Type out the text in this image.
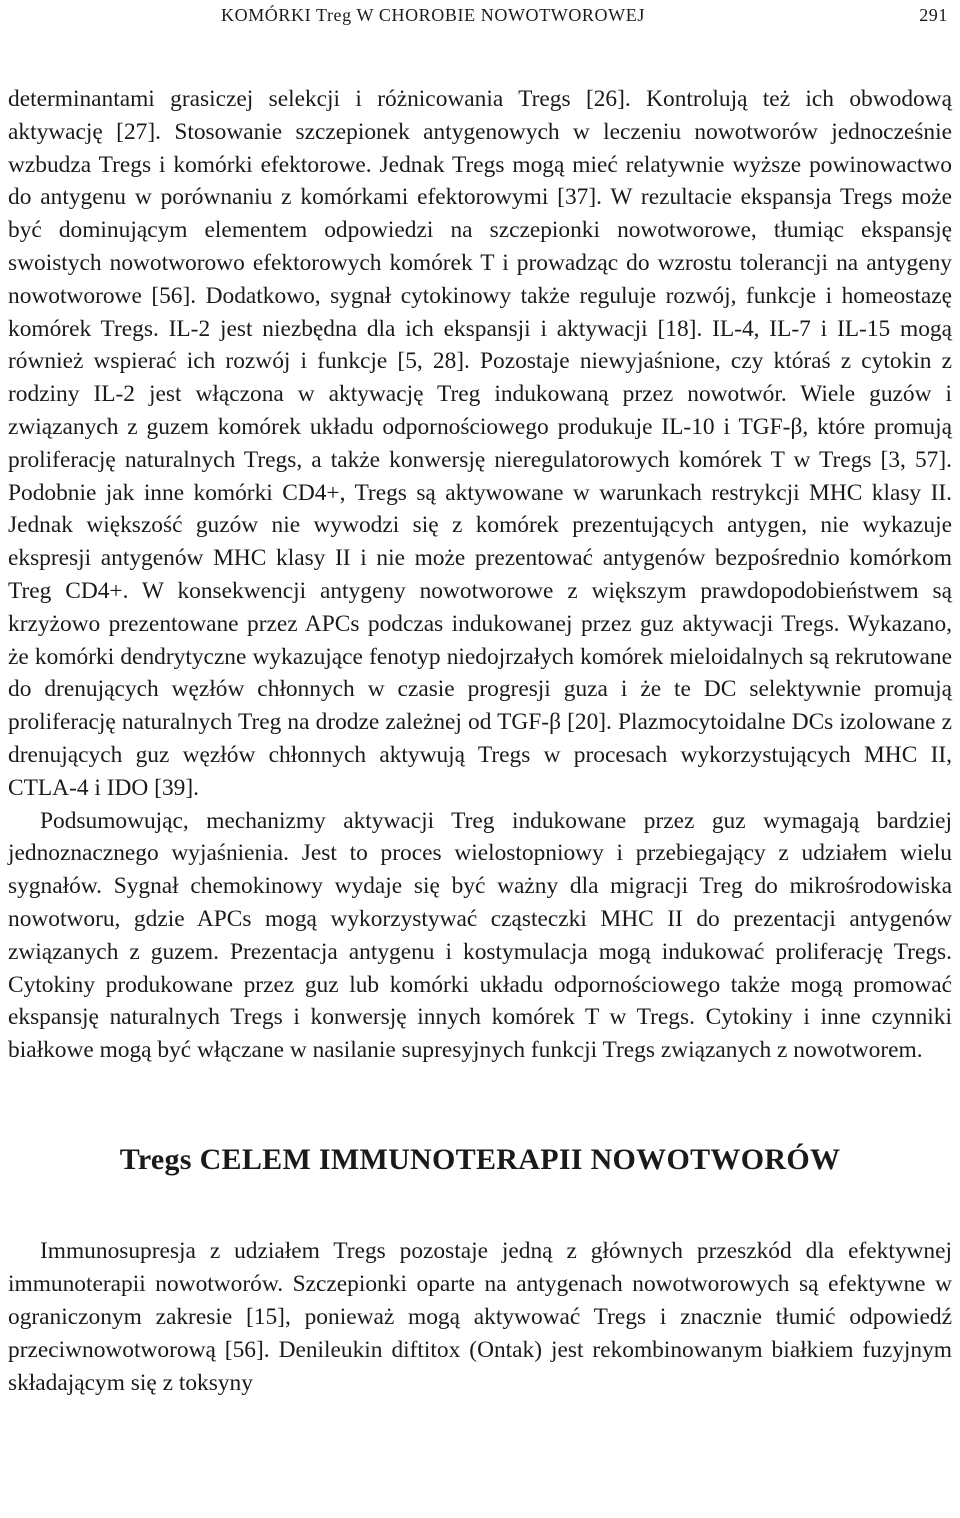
KOMÓRKI Treg W CHOROBIE NOWOTWOROWEJ	291

determinantami grasiczej selekcji i różnicowania Tregs [26]. Kontrolują też ich obwodową aktywację [27]. Stosowanie szczepionek antygenowych w leczeniu nowotworów jednocześnie wzbudza Tregs i komórki efektorowe. Jednak Tregs mogą mieć relatywnie wyższe powinowactwo do antygenu w porównaniu z komórkami efektorowymi [37]. W rezultacie ekspansja Tregs może być dominującym elementem odpowiedzi na szczepionki nowotworowe, tłumiąc ekspansję swoistych nowotworowo efektorowych komórek T i prowadząc do wzrostu tolerancji na antygeny nowotworowe [56]. Dodatkowo, sygnał cytokinowy także reguluje rozwój, funkcje i homeostazę komórek Tregs. IL-2 jest niezbędna dla ich ekspansji i aktywacji [18]. IL-4, IL-7 i IL-15 mogą również wspierać ich rozwój i funkcje [5, 28]. Pozostaje niewyjaśnione, czy któraś z cytokin z rodziny IL-2 jest włączona w aktywację Treg indukowaną przez nowotwór. Wiele guzów i związanych z guzem komórek układu odpornościowego produkuje IL-10 i TGF-β, które promują proliferację naturalnych Tregs, a także konwersję nieregulatorowych komórek T w Tregs [3, 57]. Podobnie jak inne komórki CD4+, Tregs są aktywowane w warunkach restrykcji MHC klasy II. Jednak większość guzów nie wywodzi się z komórek prezentujących antygen, nie wykazuje ekspresji antygenów MHC klasy II i nie może prezentować antygenów bezpośrednio komórkom Treg CD4+. W konsekwencji antygeny nowotworowe z większym prawdopodobieństwem są krzyżowo prezentowane przez APCs podczas indukowanej przez guz aktywacji Tregs. Wykazano, że komórki dendrytyczne wykazujące fenotyp niedojrzałych komórek mieloidalnych są rekrutowane do drenujących węzłów chłonnych w czasie progresji guza i że te DC selektywnie promują proliferację naturalnych Treg na drodze zależnej od TGF-β [20]. Plazmocytoidalne DCs izolowane z drenujących guz węzłów chłonnych aktywują Tregs w procesach wykorzystujących MHC II, CTLA-4 i IDO [39].

Podsumowując, mechanizmy aktywacji Treg indukowane przez guz wymagają bardziej jednoznacznego wyjaśnienia. Jest to proces wielostopniowy i przebiegający z udziałem wielu sygnałów. Sygnał chemokinowy wydaje się być ważny dla migracji Treg do mikrośrodowiska nowotworu, gdzie APCs mogą wykorzystywać cząsteczki MHC II do prezentacji antygenów związanych z guzem. Prezentacja antygenu i kostymulacja mogą indukować proliferację Tregs. Cytokiny produkowane przez guz lub komórki układu odpornościowego także mogą promować ekspansję naturalnych Tregs i konwersję innych komórek T w Tregs. Cytokiny i inne czynniki białkowe mogą być włączane w nasilanie supresyjnych funkcji Tregs związanych z nowotworem.

Tregs CELEM IMMUNOTERAPII NOWOTWORÓW

Immunosupresja z udziałem Tregs pozostaje jedną z głównych przeszkód dla efektywnej immunoterapii nowotworów. Szczepionki oparte na antygenach nowotworowych są efektywne w ograniczonym zakresie [15], ponieważ mogą aktywować Tregs i znacznie tłumić odpowiedź przeciwnowotworową [56]. Denileukin diftitox (Ontak) jest rekombinowanym białkiem fuzyjnym składającym się z toksyny
